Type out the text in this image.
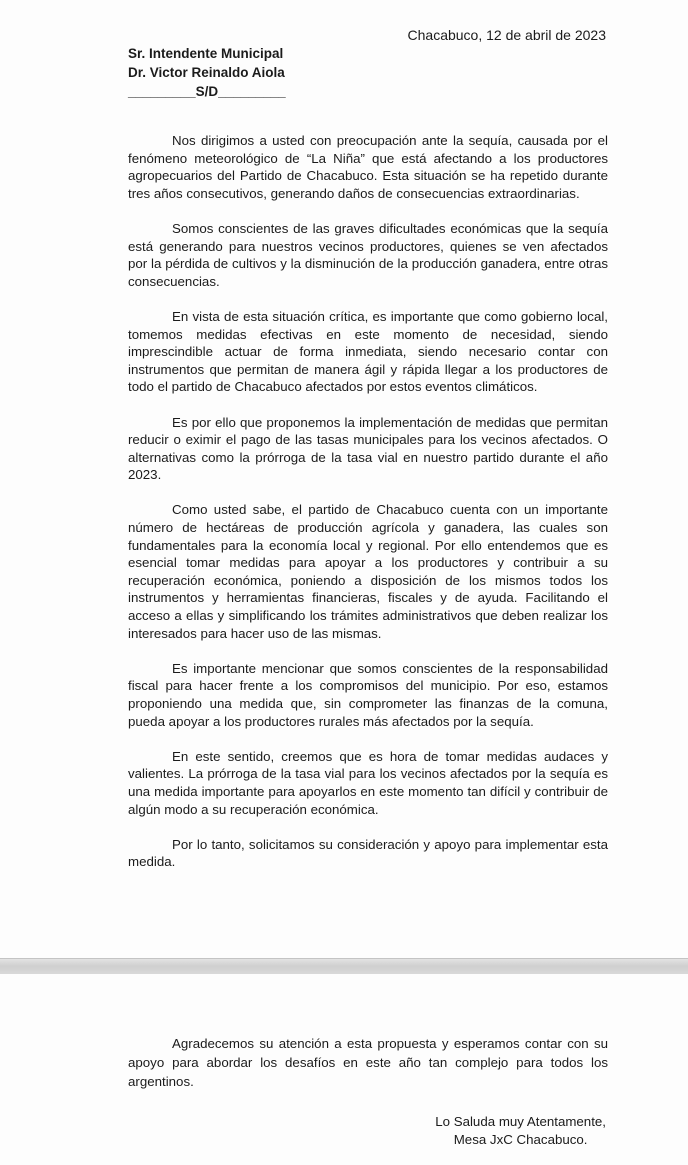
Chacabuco, 12 de abril de 2023
Sr. Intendente Municipal
Dr. Victor Reinaldo Aiola
_________S/D_________

Nos dirigimos a usted con preocupación ante la sequía, causada por el fenómeno meteorológico de “La Niña” que está afectando a los productores agropecuarios del Partido de Chacabuco. Esta situación se ha repetido durante tres años consecutivos, generando daños de consecuencias extraordinarias.

Somos conscientes de las graves dificultades económicas que la sequía está generando para nuestros vecinos productores, quienes se ven afectados por la pérdida de cultivos y la disminución de la producción ganadera, entre otras consecuencias.

En vista de esta situación crítica, es importante que como gobierno local, tomemos medidas efectivas en este momento de necesidad, siendo imprescindible actuar de forma inmediata, siendo necesario contar con instrumentos que permitan de manera ágil y rápida llegar a los productores de todo el partido de Chacabuco afectados por estos eventos climáticos.

Es por ello que proponemos la implementación de medidas que permitan reducir o eximir el pago de las tasas municipales para los vecinos afectados. O alternativas como la prórroga de la tasa vial en nuestro partido durante el año 2023.

Como usted sabe, el partido de Chacabuco cuenta con un importante número de hectáreas de producción agrícola y ganadera, las cuales son fundamentales para la economía local y regional. Por ello entendemos que es esencial tomar medidas para apoyar a los productores y contribuir a su recuperación económica, poniendo a disposición de los mismos todos los instrumentos y herramientas financieras, fiscales y de ayuda. Facilitando el acceso a ellas y simplificando los trámites administrativos que deben realizar los interesados para hacer uso de las mismas.

Es importante mencionar que somos conscientes de la responsabilidad fiscal para hacer frente a los compromisos del municipio. Por eso, estamos proponiendo una medida que, sin comprometer las finanzas de la comuna, pueda apoyar a los productores rurales más afectados por la sequía.

En este sentido, creemos que es hora de tomar medidas audaces y valientes. La prórroga de la tasa vial para los vecinos afectados por la sequía es una medida importante para apoyarlos en este momento tan difícil y contribuir de algún modo a su recuperación económica.

Por lo tanto, solicitamos su consideración y apoyo para implementar esta medida.

Agradecemos su atención a esta propuesta y esperamos contar con su apoyo para abordar los desafíos en este año tan complejo para todos los argentinos.

Lo Saluda muy Atentamente,
Mesa JxC Chacabuco.
